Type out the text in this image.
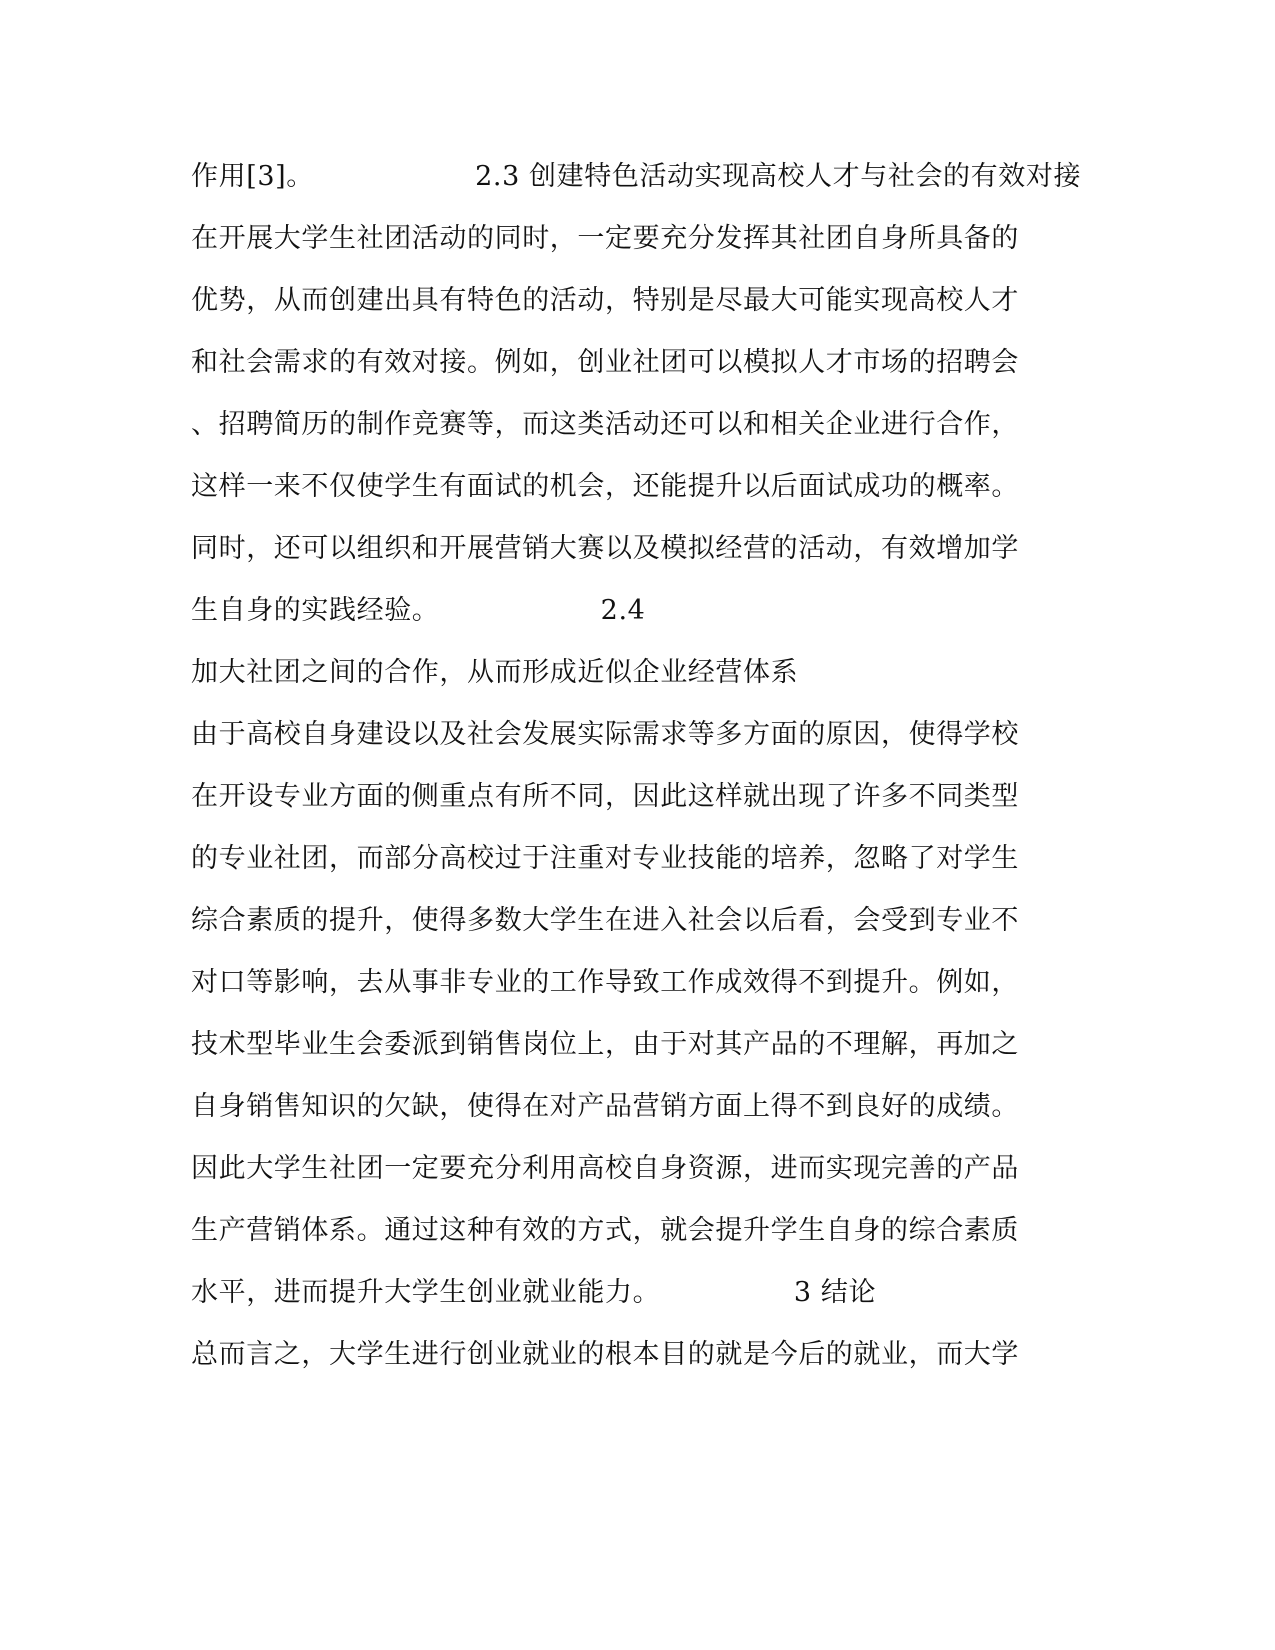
作用[3]。　　　　　　 2.3 创建特色活动实现高校人才与社会的有效对接
在开展大学生社团活动的同时，一定要充分发挥其社团自身所具备的
优势，从而创建出具有特色的活动，特别是尽最大可能实现高校人才
和社会需求的有效对接。例如，创业社团可以模拟人才市场的招聘会
、招聘简历的制作竞赛等，而这类活动还可以和相关企业进行合作，
这样一来不仅使学生有面试的机会，还能提升以后面试成功的概率。
同时，还可以组织和开展营销大赛以及模拟经营的活动，有效增加学
生自身的实践经验。　　　　　　 2.4
加大社团之间的合作，从而形成近似企业经营体系
由于高校自身建设以及社会发展实际需求等多方面的原因，使得学校
在开设专业方面的侧重点有所不同，因此这样就出现了许多不同类型
的专业社团，而部分高校过于注重对专业技能的培养，忽略了对学生
综合素质的提升，使得多数大学生在进入社会以后看，会受到专业不
对口等影响，去从事非专业的工作导致工作成效得不到提升。例如，
技术型毕业生会委派到销售岗位上，由于对其产品的不理解，再加之
自身销售知识的欠缺，使得在对产品营销方面上得不到良好的成绩。
因此大学生社团一定要充分利用高校自身资源，进而实现完善的产品
生产营销体系。通过这种有效的方式，就会提升学生自身的综合素质
水平，进而提升大学生创业就业能力。　　　　　 3 结论
总而言之，大学生进行创业就业的根本目的就是今后的就业，而大学
